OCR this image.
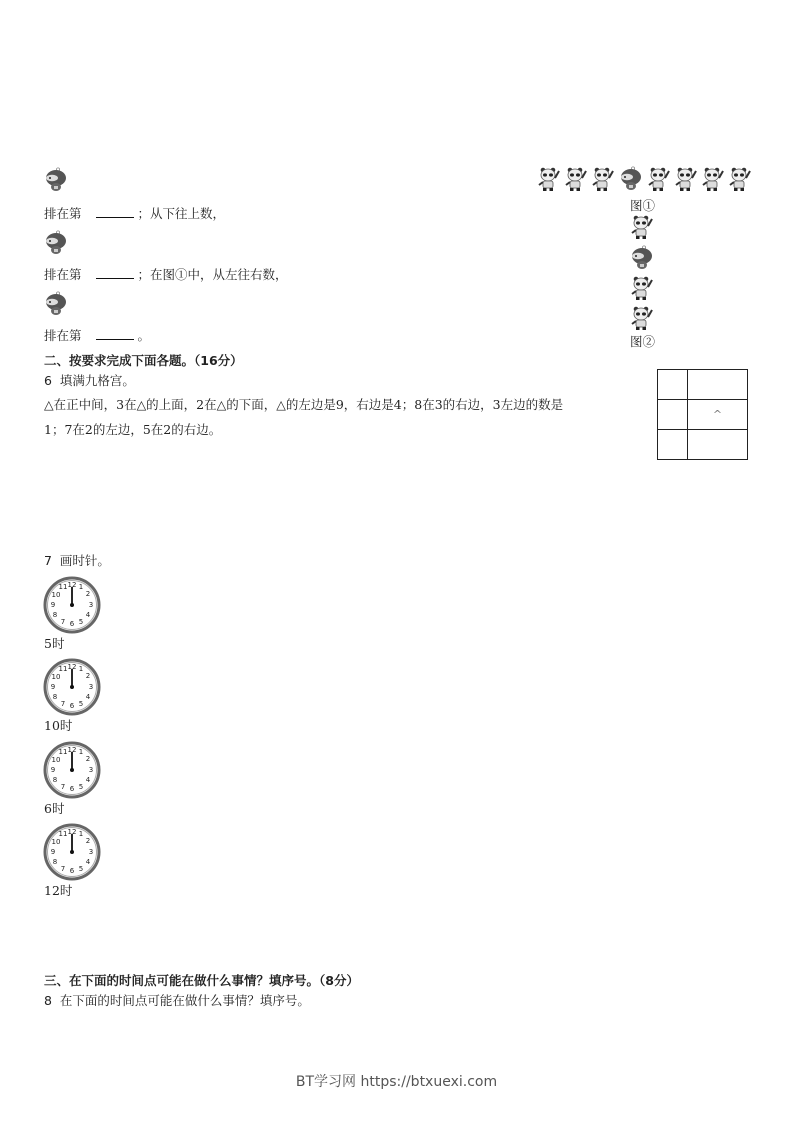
排在第	；从下往上数，
排在第	；在图①中，从左往右数，
排在第	。
图①
图②
二、按要求完成下面各题。（16分）
6 填满九格宫。
△在正中间，3在△的上面，2在△的下面，△的左边是9，右边是4；8在3的右边，3左边的数是
1；7在2的左边，5在2的右边。

	^

7 画时针。
5时
10时
6时
12时
三、在下面的时间点可能在做什么事情？填序号。（8分）
8 在下面的时间点可能在做什么事情？填序号。
BT学习网 https://btxuexi.com
